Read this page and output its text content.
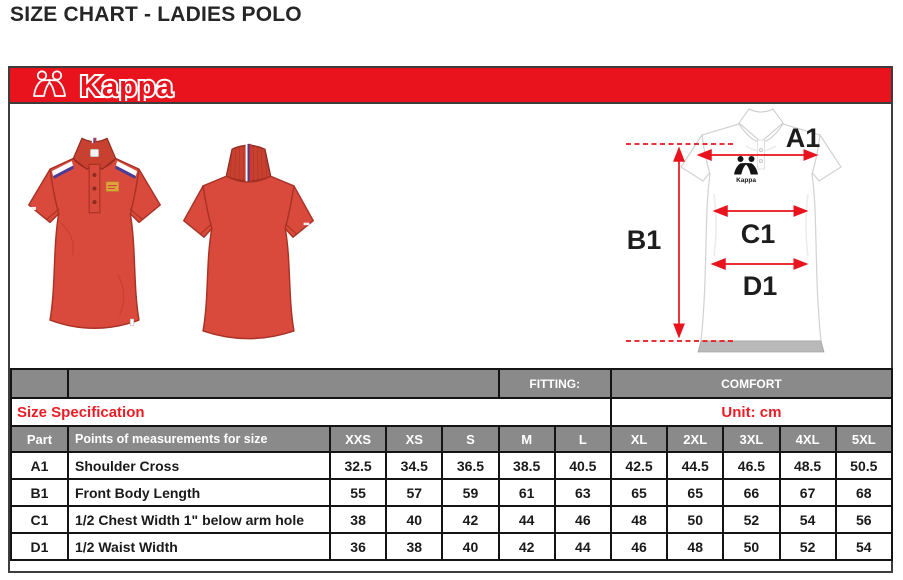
SIZE CHART - LADIES POLO
Kappa
Kappa
A1
B1	C1
D1
					FITTING:		COMFORT				
Size Specification							Unit: cm				
Part	Points of measurements for size	XXS	XS	S	M	L	XL	2XL	3XL	4XL	5XL
A1	Shoulder Cross	32.5	34.5	36.5	38.5	40.5	42.5	44.5	46.5	48.5	50.5
B1	Front Body Length	55	57	59	61	63	65	65	66	67	68
C1	1/2 Chest Width 1" below arm hole	38	40	42	44	46	48	50	52	54	56
D1	1/2 Waist Width	36	38	40	42	44	46	48	50	52	54
